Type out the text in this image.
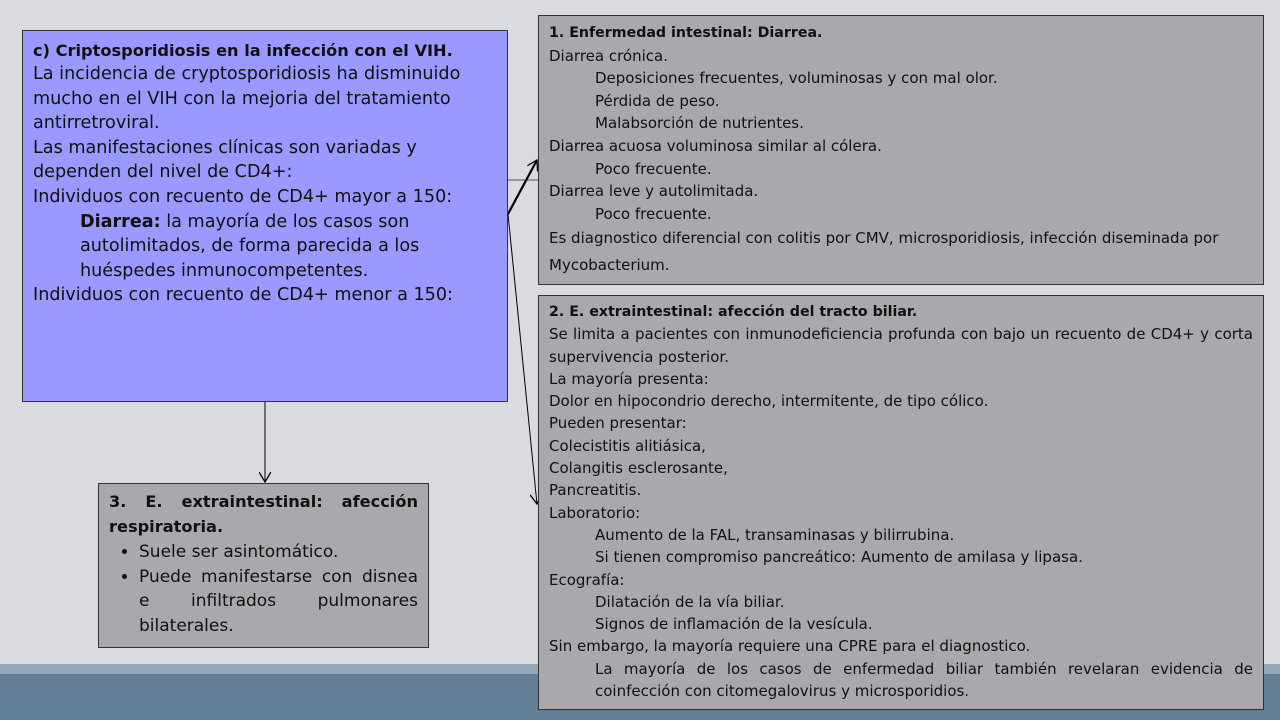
c) Criptosporidiosis en la infección con el VIH.

La incidencia de cryptosporidiosis ha disminuido mucho en el VIH con la mejoria del tratamiento antirretroviral.

Las manifestaciones clínicas son variadas y dependen del nivel de CD4+:

Individuos con recuento de CD4+ mayor a 150:

Diarrea: la mayoría de los casos son autolimitados, de forma parecida a los huéspedes inmunocompetentes.

Individuos con recuento de CD4+ menor a 150:

1. Enfermedad intestinal: Diarrea.

Diarrea crónica.

Deposiciones frecuentes, voluminosas y con mal olor.

Pérdida de peso.

Malabsorción de nutrientes.

Diarrea acuosa voluminosa similar al cólera.

Poco frecuente.

Diarrea leve y autolimitada.

Poco frecuente.

Es diagnostico diferencial con colitis por CMV, microsporidiosis, infección diseminada por Mycobacterium.

2. E. extraintestinal: afección del tracto biliar.

Se limita a pacientes con inmunodeficiencia profunda con bajo un recuento de CD4+ y corta supervivencia posterior.

La mayoría presenta:

Dolor en hipocondrio derecho, intermitente, de tipo cólico.

Pueden presentar:

Colecistitis alitiásica,

Colangitis esclerosante,

Pancreatitis.

Laboratorio:

Aumento de la FAL, transaminasas y bilirrubina.

Si tienen compromiso pancreático: Aumento de amilasa y lipasa.

Ecografía:

Dilatación de la vía biliar.

Signos de inflamación de la vesícula.

Sin embargo, la mayoría requiere una CPRE para el diagnostico.

La mayoría de los casos de enfermedad biliar también revelaran evidencia de coinfección con citomegalovirus y microsporidios.

3. E. extraintestinal: afección respiratoria.

• Suele ser asintomático.
• Puede manifestarse con disnea e infiltrados pulmonares bilaterales.
